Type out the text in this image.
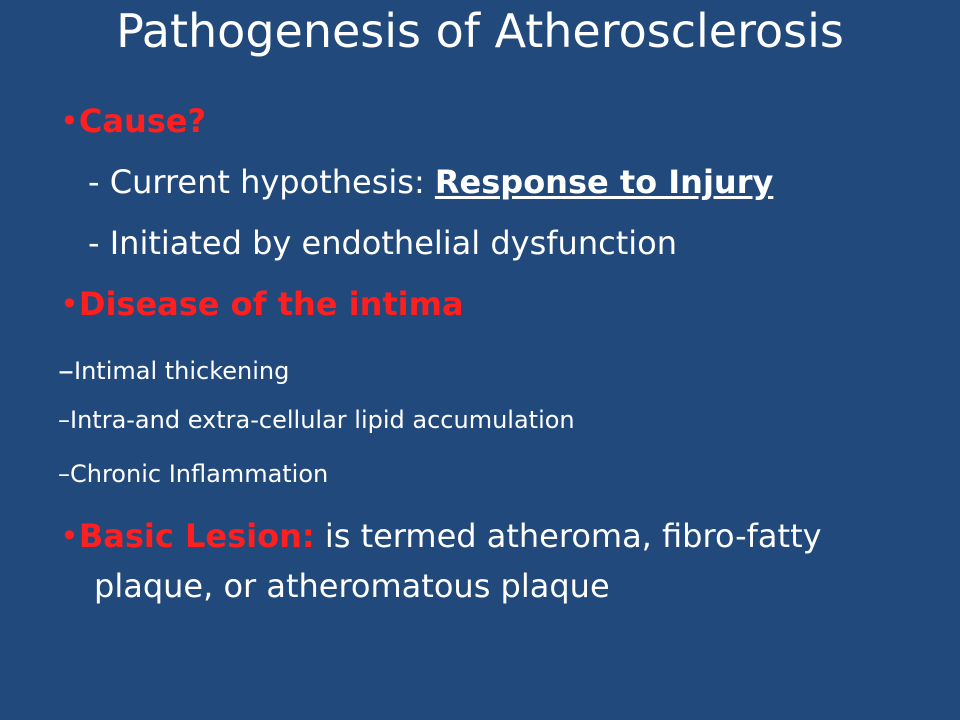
Pathogenesis of Atherosclerosis
•Cause?
- Current hypothesis: Response to Injury
- Initiated by endothelial dysfunction
•Disease of the intima
–Intimal thickening
–Intra-and extra-cellular lipid accumulation
–Chronic Inflammation
•Basic Lesion: is termed atheroma, fibro-fatty
plaque, or atheromatous plaque
